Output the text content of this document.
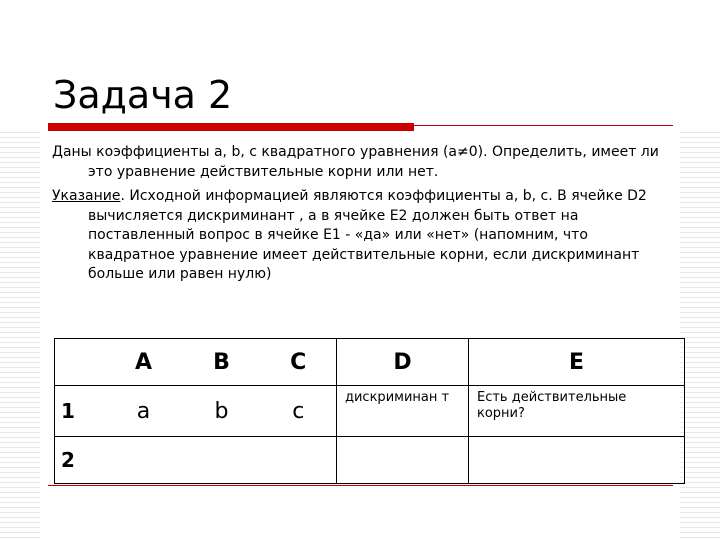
Задача 2

Даны коэффициенты a, b, c квадратного уравнения (a≠0). Определить, имеет ли это уравнение действительные корни или нет.

Указание. Исходной информацией являются коэффициенты a, b, c. В ячейке D2 вычисляется дискриминант , а в ячейке E2 должен быть ответ на поставленный вопрос в ячейке E1 - «да» или «нет» (напомним, что квадратное уравнение имеет действительные корни, если дискриминант больше или равен нулю)

	A	B	C	D	E
1	a	b	c	дискриминан т	Есть действительные корни?
2					
